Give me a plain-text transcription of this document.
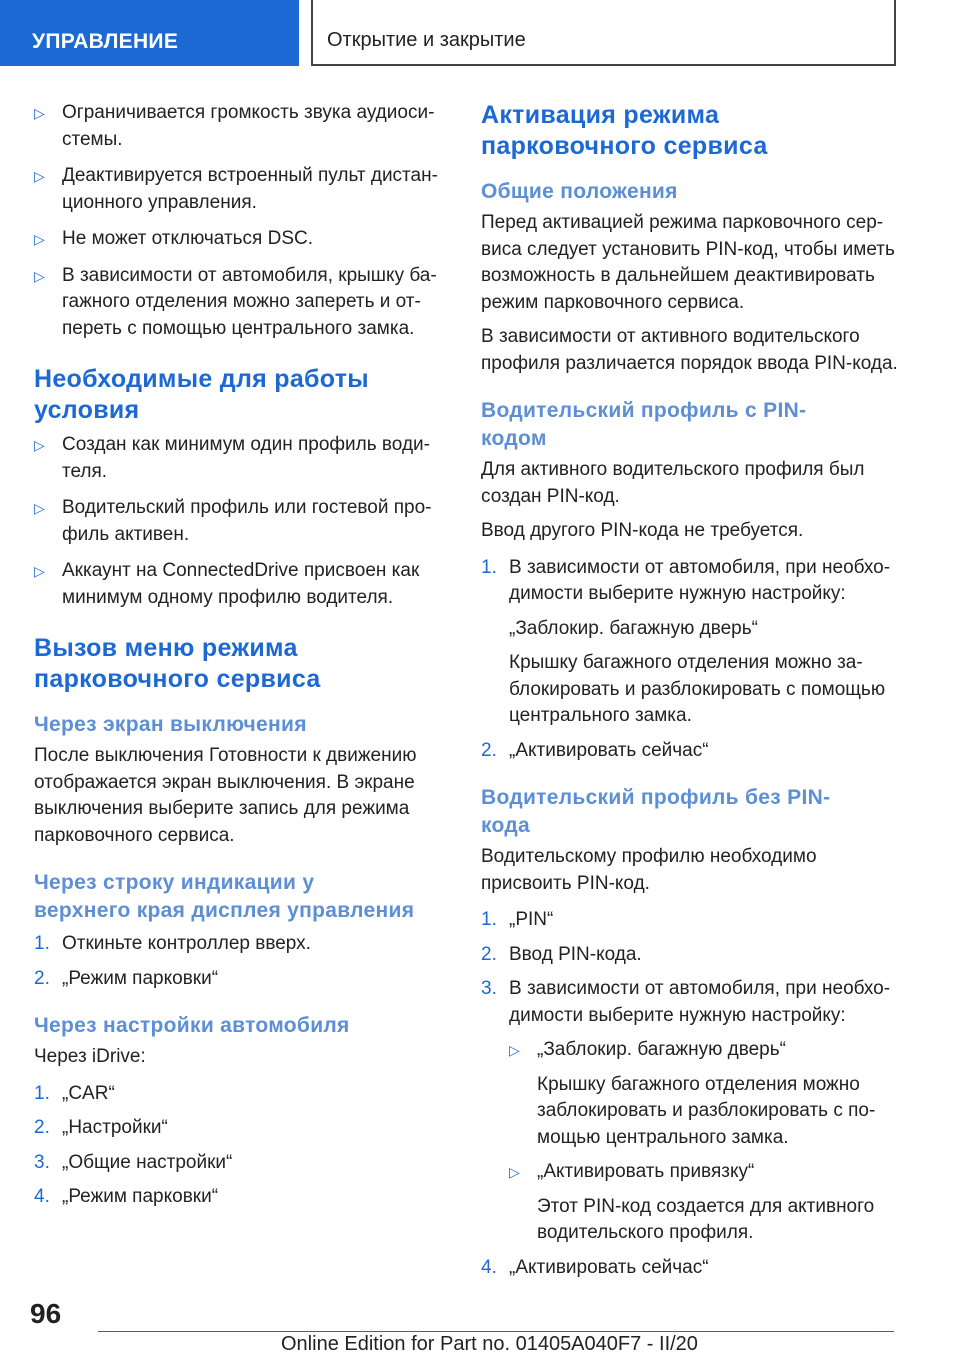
УПРАВЛЕНИЕ	Открытие и закрытие
▷ Ограничивается громкость звука аудиоси-
стемы.
▷ Деактивируется встроенный пульт дистан-
ционного управления.
▷ Не может отключаться DSC.
▷ В зависимости от автомобиля, крышку ба-
гажного отделения можно запереть и от-
переть с помощью центрального замка.
Необходимые для работы
условия
▷ Создан как минимум один профиль води-
теля.
▷ Водительский профиль или гостевой про-
филь активен.
▷ Аккаунт на ConnectedDrive присвоен как
минимум одному профилю водителя.
Вызов меню режима
парковочного сервиса
Через экран выключения
После выключения Готовности к движению
отображается экран выключения. В экране
выключения выберите запись для режима
парковочного сервиса.
Через строку индикации у
верхнего края дисплея управления
1. Откиньте контроллер вверх.
2. „Режим парковки“
Через настройки автомобиля
Через iDrive:
1. „CAR“
2. „Настройки“
3. „Общие настройки“
4. „Режим парковки“
Активация режима
парковочного сервиса
Общие положения
Перед активацией режима парковочного сер-
виса следует установить PIN-код, чтобы иметь
возможность в дальнейшем деактивировать
режим парковочного сервиса.
В зависимости от активного водительского
профиля различается порядок ввода PIN-кода.
Водительский профиль с PIN-
кодом
Для активного водительского профиля был
создан PIN-код.
Ввод другого PIN-кода не требуется.
1. В зависимости от автомобиля, при необхо-
димости выберите нужную настройку:
„Заблокир. багажную дверь“
Крышку багажного отделения можно за-
блокировать и разблокировать с помощью
центрального замка.
2. „Активировать сейчас“
Водительский профиль без PIN-
кода
Водительскому профилю необходимо
присвоить PIN-код.
1. „PIN“
2. Ввод PIN-кода.
3. В зависимости от автомобиля, при необхо-
димости выберите нужную настройку:
▷ „Заблокир. багажную дверь“
Крышку багажного отделения можно
заблокировать и разблокировать с по-
мощью центрального замка.
▷ „Активировать привязку“
Этот PIN-код создается для активного
водительского профиля.
4. „Активировать сейчас“
96
Online Edition for Part no. 01405A040F7 - II/20
